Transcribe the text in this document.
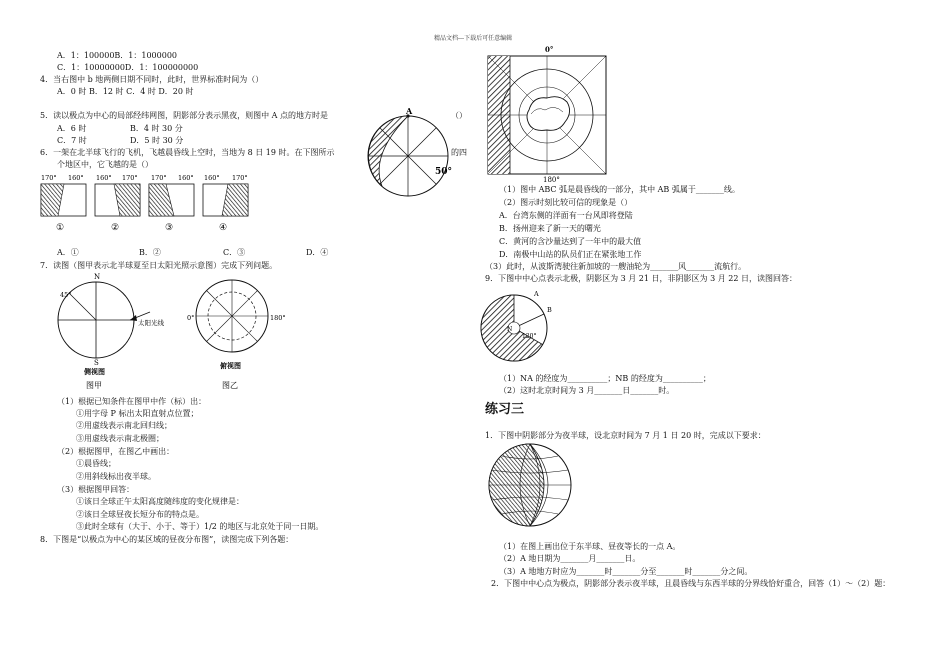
精品文档---下载后可任意编辑
A．1：100000B．1：1000000
C．1：10000000D．1：100000000
4．当右图中 b 地两侧日期不同时，此时，世界标准时间为（）
A．0 时 B．12 时 C．4 时 D．20 时
5．读以极点为中心的局部经纬网图，阴影部分表示黑夜，则图中 A 点的地方时是	（）
A．6 时	B．4 时 30 分
C．7 时	D．5 时 30 分
6．一架在北半球飞行的飞机，飞越晨昏线上空时，当地为 8 日 19 时。在下图所示	的四
个地区中，它飞越的是（）
A．①	B．②	C．③	D．④
7．读图（图甲表示北半球夏至日太阳光照示意图）完成下列问题。
（1）根据已知条件在图甲中作（标）出：
①用字母 P 标出太阳直射点位置；
②用虚线表示南北回归线；
③用虚线表示南北极圈；
（2）根据图甲，在图乙中画出：
①晨昏线；
②用斜线标出夜半球。
（3）根据图甲回答：
①该日全球正午太阳高度随纬度的变化规律是：
②该日全球昼夜长短分布的特点是。
③此时全球有（大于、小于、等于）1/2 的地区与北京处于同一日期。
8．下图是“以极点为中心的某区域的昼夜分布图”，读图完成下列各题：
A
50°
170° 160°
①
160° 170°
②
170° 160°
③
160° 170°
④
N
45°
太阳光线
S
侧视图
图甲
0°	180°
俯视图
图乙
0°
180°
（1）图中 ABC 弧是晨昏线的一部分，其中 AB 弧属于_______线。
（2）图示时刻比较可信的现象是（）
A．台湾东侧的洋面有一台风即将登陆
B．扬州迎来了新一天的曙光
C．黄河的含沙量达到了一年中的最大值
D．南极中山站的队员们正在紧张地工作
（3）此时，从波斯湾驶往新加坡的一艘油轮为_______风_______流航行。
9．下图中中心点表示北极，阴影区为 3 月 21 日，非阴影区为 3 月 22 日，读图回答：
A
B
N
120°
（1）NA 的经度为__________；NB 的经度为__________；
（2）这时北京时间为 3 月_______日_______时。
练习三
1．下图中阴影部分为夜半球，设北京时间为 7 月 1 日 20 时，完成以下要求：
（1）在图上画出位于东半球、昼夜等长的一点 A。
（2）A 地日期为_______月_______日。
（3）A 地地方时应为_______时_______分至_______时_______分之间。
2．下图中中心点为极点，阴影部分表示夜半球，且晨昏线与东西半球的分界线恰好重合，回答（1）～（2）题：
